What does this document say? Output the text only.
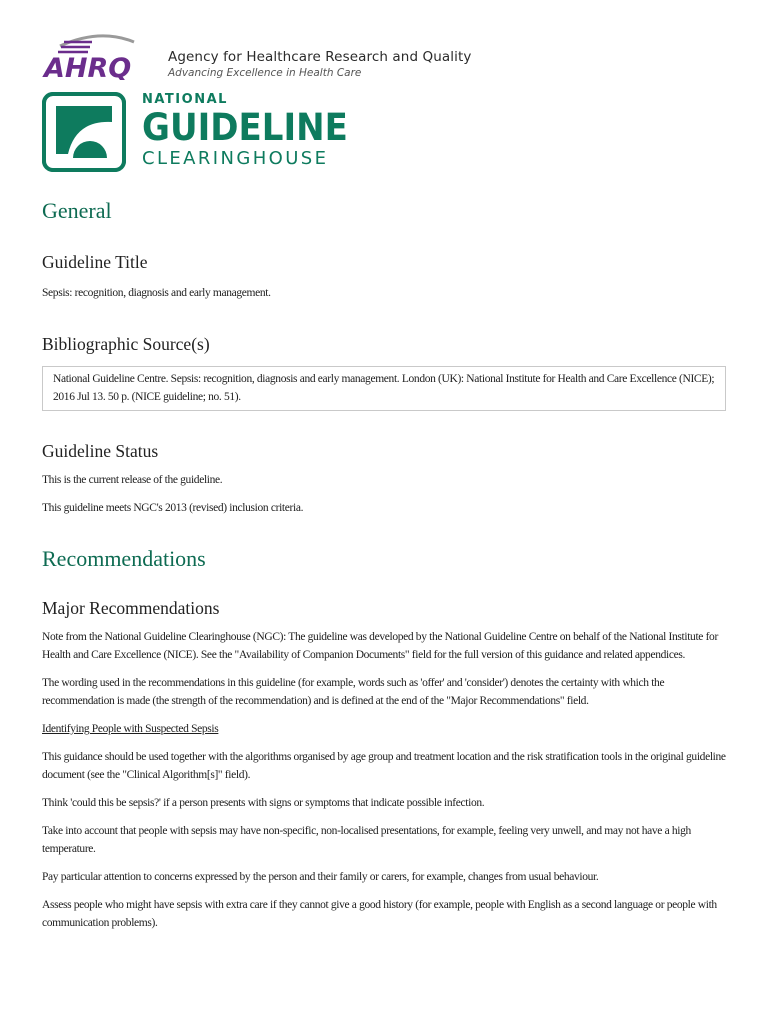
AHRQ	Agency for Healthcare Research and Quality
Advancing Excellence in Health Care
NATIONAL
GUIDELINE
CLEARINGHOUSE
General
Guideline Title

Sepsis: recognition, diagnosis and early management.

Bibliographic Source(s)

National Guideline Centre. Sepsis: recognition, diagnosis and early management. London (UK): National Institute for Health and Care Excellence (NICE); 2016 Jul 13. 50 p. (NICE guideline; no. 51).

Guideline Status

This is the current release of the guideline.

This guideline meets NGC's 2013 (revised) inclusion criteria.

Recommendations
Major Recommendations

Note from the National Guideline Clearinghouse (NGC): The guideline was developed by the National Guideline Centre on behalf of the National Institute for Health and Care Excellence (NICE). See the "Availability of Companion Documents" field for the full version of this guidance and related appendices.

The wording used in the recommendations in this guideline (for example, words such as 'offer' and 'consider') denotes the certainty with which the recommendation is made (the strength of the recommendation) and is defined at the end of the "Major Recommendations" field.

Identifying People with Suspected Sepsis

This guidance should be used together with the algorithms organised by age group and treatment location and the risk stratification tools in the original guideline document (see the "Clinical Algorithm[s]" field).

Think 'could this be sepsis?' if a person presents with signs or symptoms that indicate possible infection.

Take into account that people with sepsis may have non-specific, non-localised presentations, for example, feeling very unwell, and may not have a high temperature.

Pay particular attention to concerns expressed by the person and their family or carers, for example, changes from usual behaviour.

Assess people who might have sepsis with extra care if they cannot give a good history (for example, people with English as a second language or people with communication problems).
